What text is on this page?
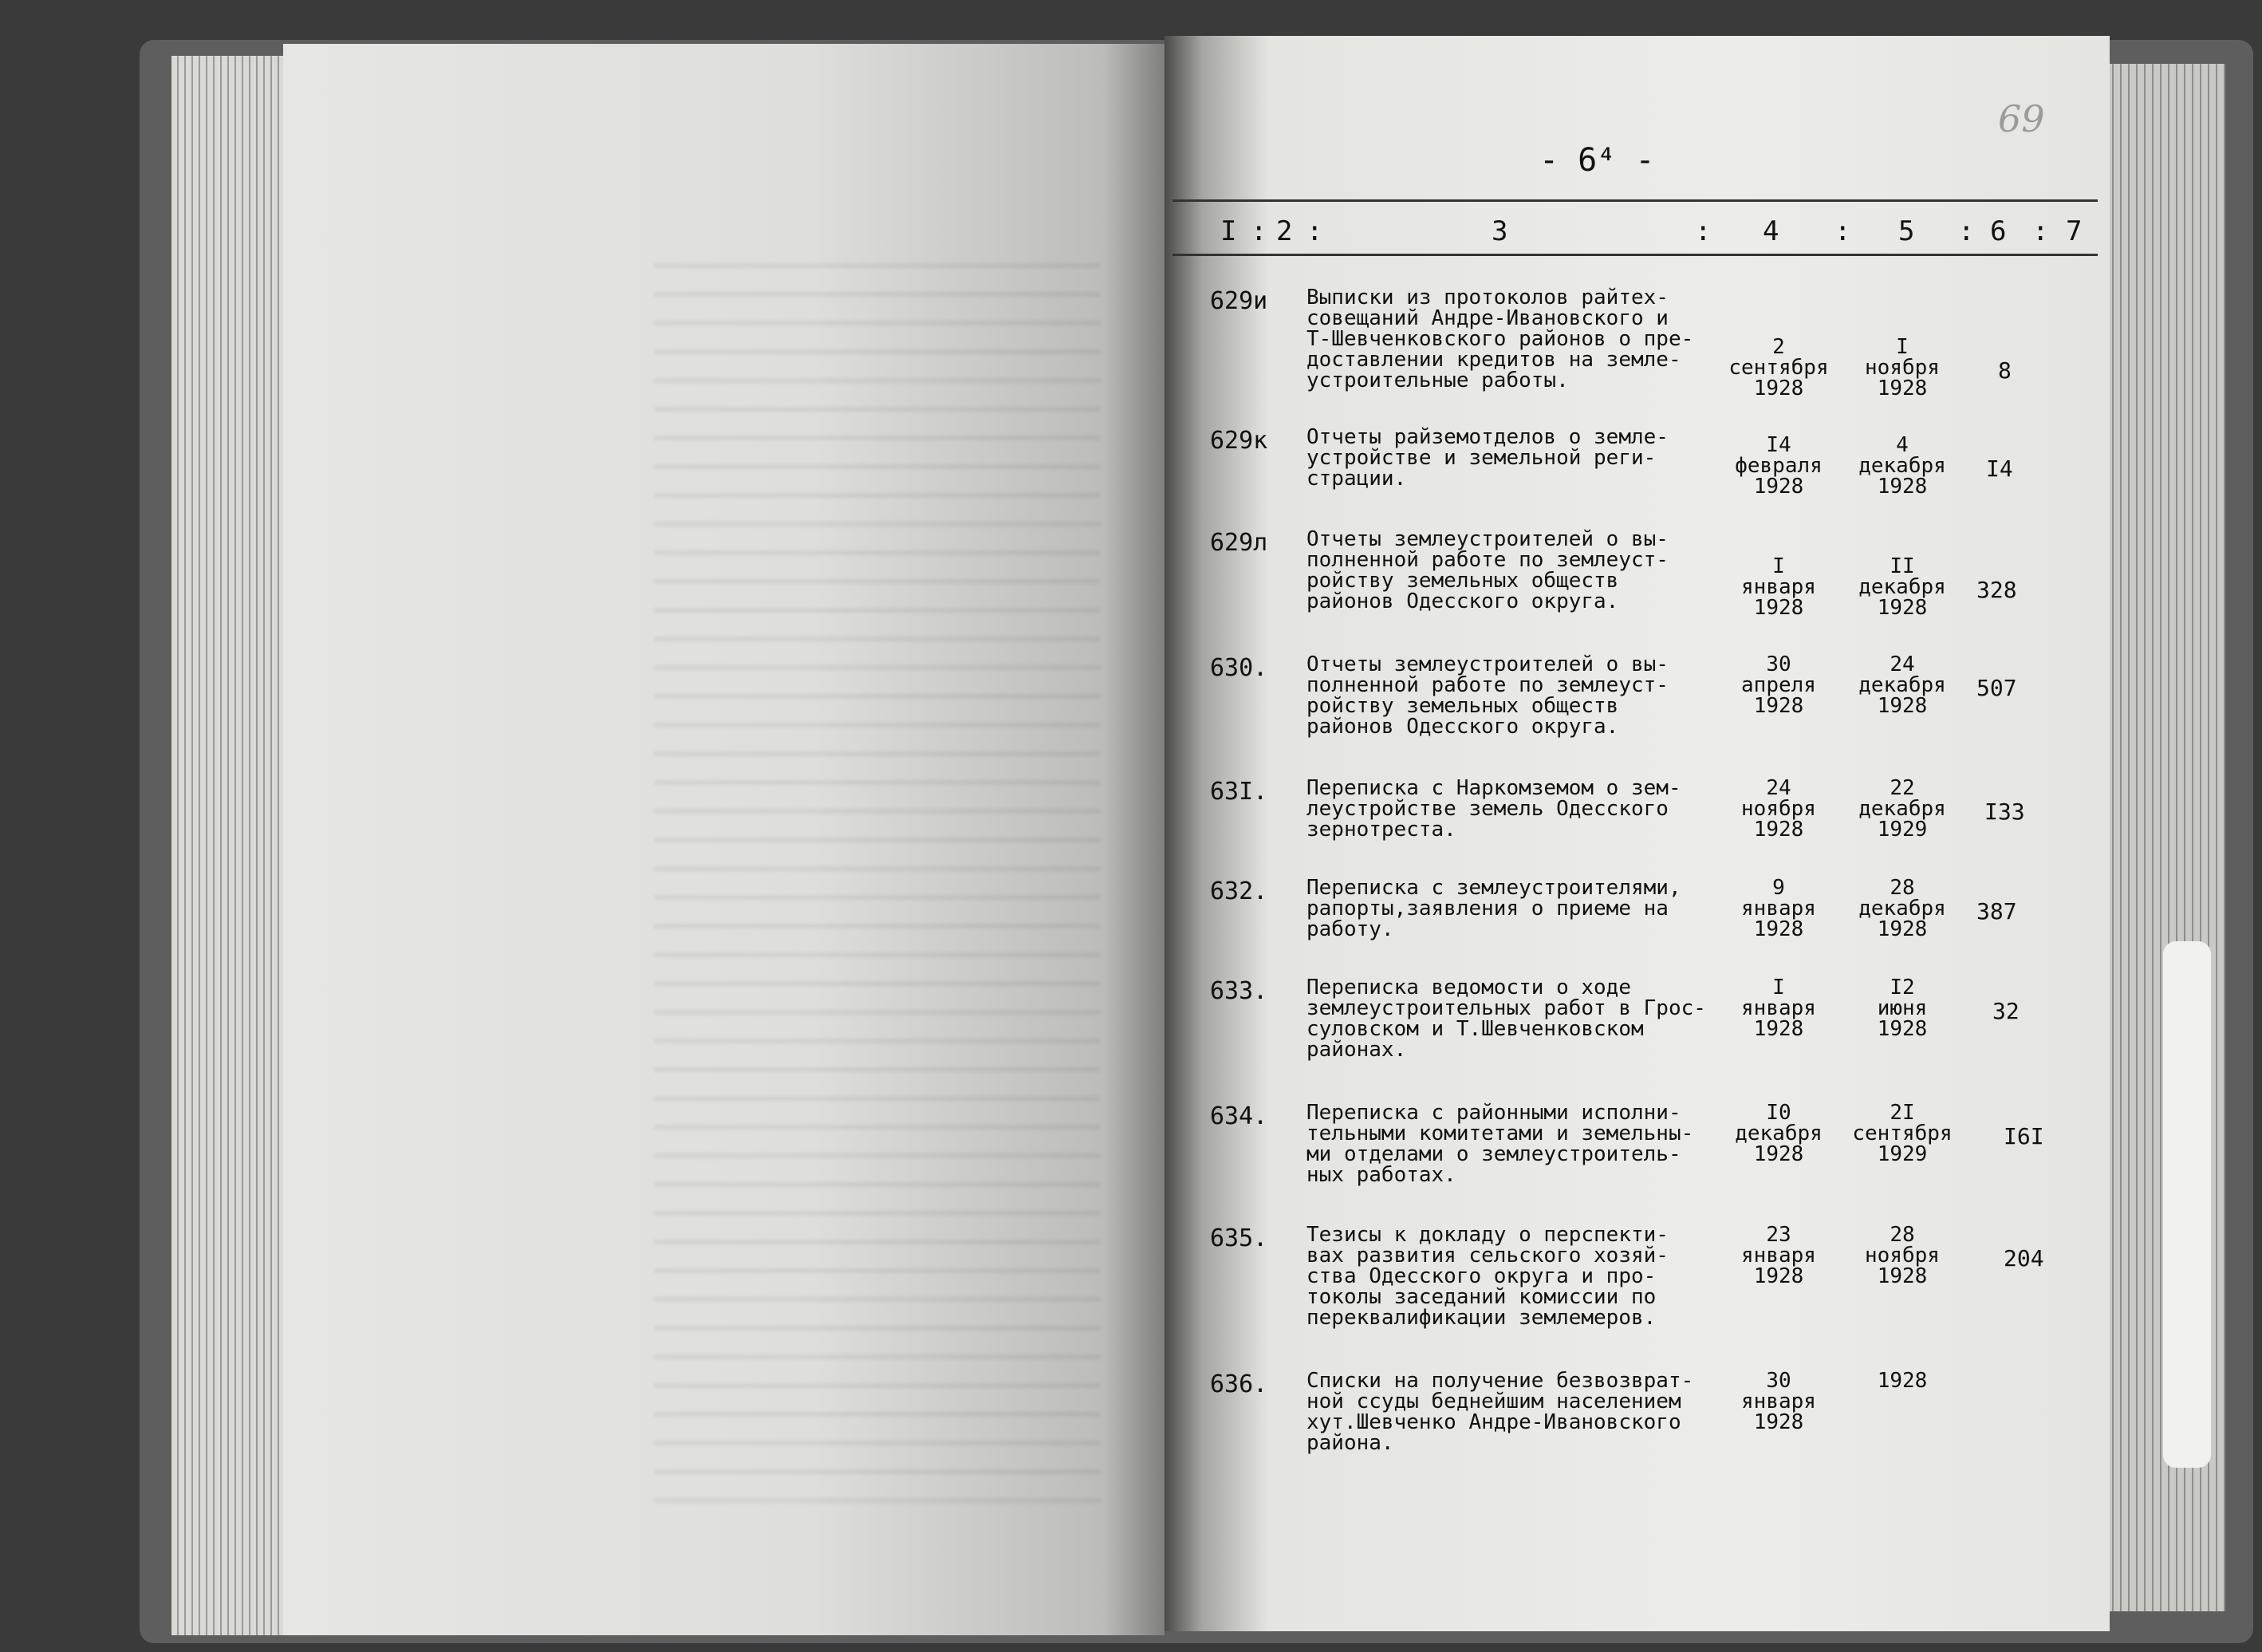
69
- 6⁴ -
I : 2 :	3	: 4 : 5 : 6 : 7
629и Выписки из протоколов райтех-
совещаний Андре-Ивановского и
Т-Шевченковского районов о пре-
доставлении кредитов на земле-
устроительные работы.
2
сентября
1928
I
ноября
1928
8
629к Отчеты райземотделов о земле-
устройстве и земельной реги-
страции.
I4
февраля
1928
4
декабря
1928
I4
629л Отчеты землеустроителей о вы-
полненной работе по землеуст-
ройству земельных обществ
районов Одесского округа.
I
января
1928
II
декабря
1928
328
630. Отчеты землеустроителей о вы-
полненной работе по землеуст-
ройству земельных обществ
районов Одесского округа.
30
апреля
1928
24
декабря
1928
507
63I. Переписка с Наркомземом о зем-
леустройстве земель Одесского
зернотреста.
24
ноября
1928
22
декабря
1929
I33
632. Переписка с землеустроителями,
рапорты,заявления о приеме на
работу.
9
января
1928
28
декабря
1928
387
633. Переписка ведомости о ходе
землеустроительных работ в Грос-
суловском и Т.Шевченковском
районах.
I
января
1928
I2
июня
1928
32
634. Переписка с районными исполни-
тельными комитетами и земельны-
ми отделами о землеустроитель-
ных работах.
I0
декабря
1928
2I
сентября
1929
I6I
635. Тезисы к докладу о перспекти-
вах развития сельского хозяй-
ства Одесского округа и про-
токолы заседаний комиссии по
переквалификации землемеров.
23
января
1928
28
ноября
1928
204
636. Списки на получение безвозврат-
ной ссуды беднейшим населением
хут.Шевченко Андре-Ивановского
района.
30
января
1928
1928
